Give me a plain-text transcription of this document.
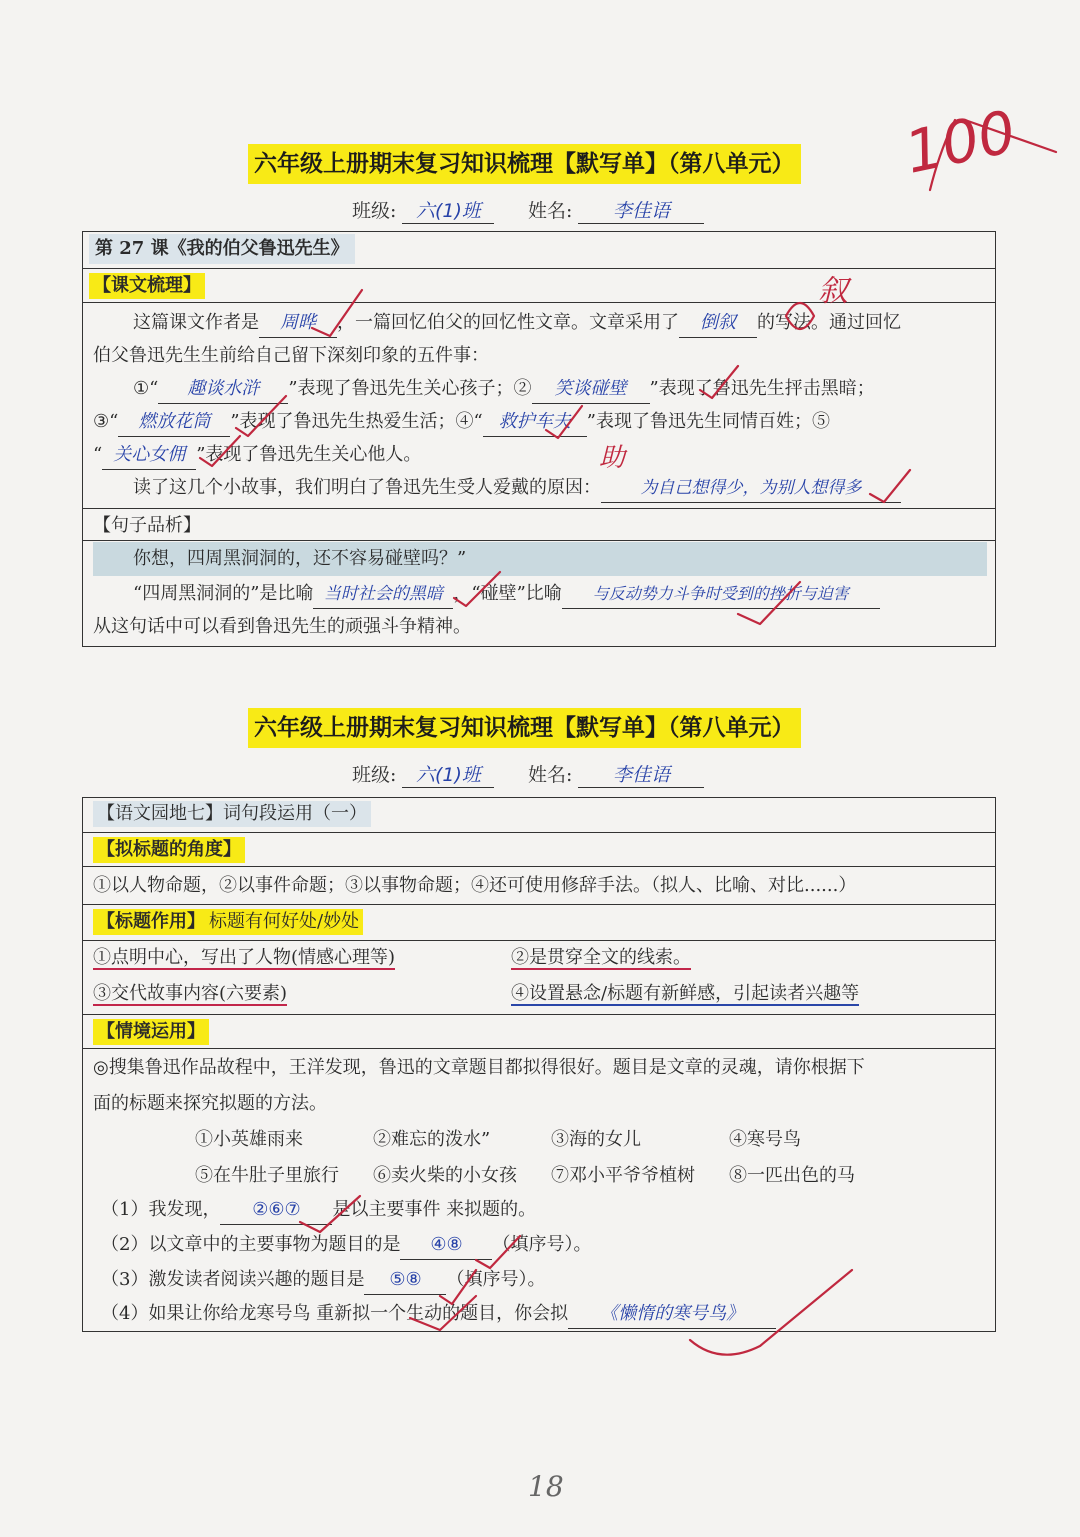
六年级上册期末复习知识梳理【默写单】（第八单元）
班级: 六(1)班	姓名: 李佳语
100
第 27 课《我的伯父鲁迅先生》
【课文梳理】
这篇课文作者是 周晔 ，一篇回忆伯父的回忆性文章。文章采用了 倒叙 的写法。通过回忆
叙
伯父鲁迅先生生前给自己留下深刻印象的五件事：
①“ 趣谈水浒 ”表现了鲁迅先生关心孩子；② 笑谈碰壁 ”表现了鲁迅先生抨击黑暗；
③“ 燃放花筒 ”表现了鲁迅先生热爱生活；④“ 救护车夫 ”表现了鲁迅先生同情百姓；⑤
“ 关心女佣 ”表现了鲁迅先生关心他人。	助
读了这几个小故事，我们明白了鲁迅先生受人爱戴的原因： 为自己想得少，为别人想得多
【句子品析】
你想，四周黑洞洞的，还不容易碰壁吗？”
“四周黑洞洞的”是比喻 当时社会的黑暗 ，“碰壁”比喻 与反动势力斗争时受到的挫折与迫害
从这句话中可以看到鲁迅先生的顽强斗争精神。
六年级上册期末复习知识梳理【默写单】（第八单元）
班级: 六(1)班	姓名: 李佳语
【语文园地七】词句段运用（一）
【拟标题的角度】
①以人物命题，②以事件命题；③以事物命题；④还可使用修辞手法。（拟人、比喻、对比......）
【标题作用】 标题有何好处/妙处
①点明中心，写出了人物(情感心理等)	②是贯穿全文的线索。
③交代故事内容(六要素)	④设置悬念/标题有新鲜感，引起读者兴趣等
【情境运用】
◎搜集鲁迅作品故程中，王洋发现，鲁迅的文章题目都拟得很好。题目是文章的灵魂，请你根据下
面的标题来探究拟题的方法。
①小英雄雨来	②难忘的泼水”	③海的女儿	④寒号鸟
⑤在牛肚子里旅行 ⑥卖火柴的小女孩 ⑦邓小平爷爷植树 ⑧一匹出色的马
（1）我发现， ②⑥⑦ 是以主要事件 来拟题的。
（2）以文章中的主要事物为题目的是 ④⑧ （填序号）。
（3）激发读者阅读兴趣的题目是 ⑤⑧ （填序号）。
（4）如果让你给龙寒号鸟 重新拟一个生动的题目，你会拟 《懒惰的寒号鸟》
18
